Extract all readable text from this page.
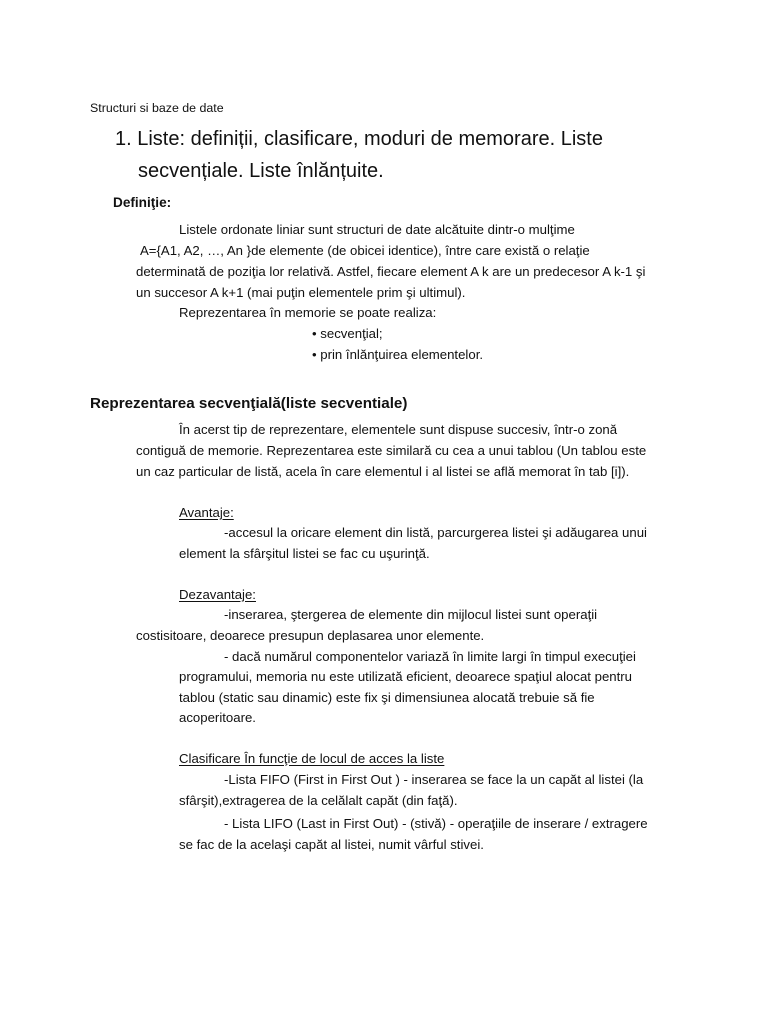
Structuri si baze de date
1. Liste: definiții, clasificare, moduri de memorare. Liste
secvențiale. Liste înlănțuite.
Definiţie:
Listele ordonate liniar sunt structuri de date alcătuite dintr-o mulţime
A={A1, A2, …, An }de elemente (de obicei identice), între care există o relaţie
determinată de poziţia lor relativă. Astfel, fiecare element A k are un predecesor A k-1 şi
un succesor A k+1 (mai puţin elementele prim şi ultimul).
Reprezentarea în memorie se poate realiza:
• secvenţial;
• prin înlănţuirea elementelor.
Reprezentarea secvenţială(liste secventiale)
În acerst tip de reprezentare, elementele sunt dispuse succesiv, într-o zonă
contiguă de memorie. Reprezentarea este similară cu cea a unui tablou (Un tablou este
un caz particular de listă, acela în care elementul i al listei se află memorat în tab [i]).
Avantaje:
-accesul la oricare element din listă, parcurgerea listei şi adăugarea unui
element la sfârşitul listei se fac cu uşurinţă.
Dezavantaje:
-inserarea, ştergerea de elemente din mijlocul listei sunt operaţii
costisitoare, deoarece presupun deplasarea unor elemente.
- dacă numărul componentelor variază în limite largi în timpul execuţiei
programului, memoria nu este utilizată eficient, deoarece spaţiul alocat pentru
tablou (static sau dinamic) este fix şi dimensiunea alocată trebuie să fie
acoperitoare.
Clasificare În funcţie de locul de acces la liste
-Lista FIFO (First in First Out ) - inserarea se face la un capăt al listei (la
sfârşit),extragerea de la celălalt capăt (din faţă).
- Lista LIFO (Last in First Out) - (stivă) - operaţiile de inserare / extragere
se fac de la acelaşi capăt al listei, numit vârful stivei.
